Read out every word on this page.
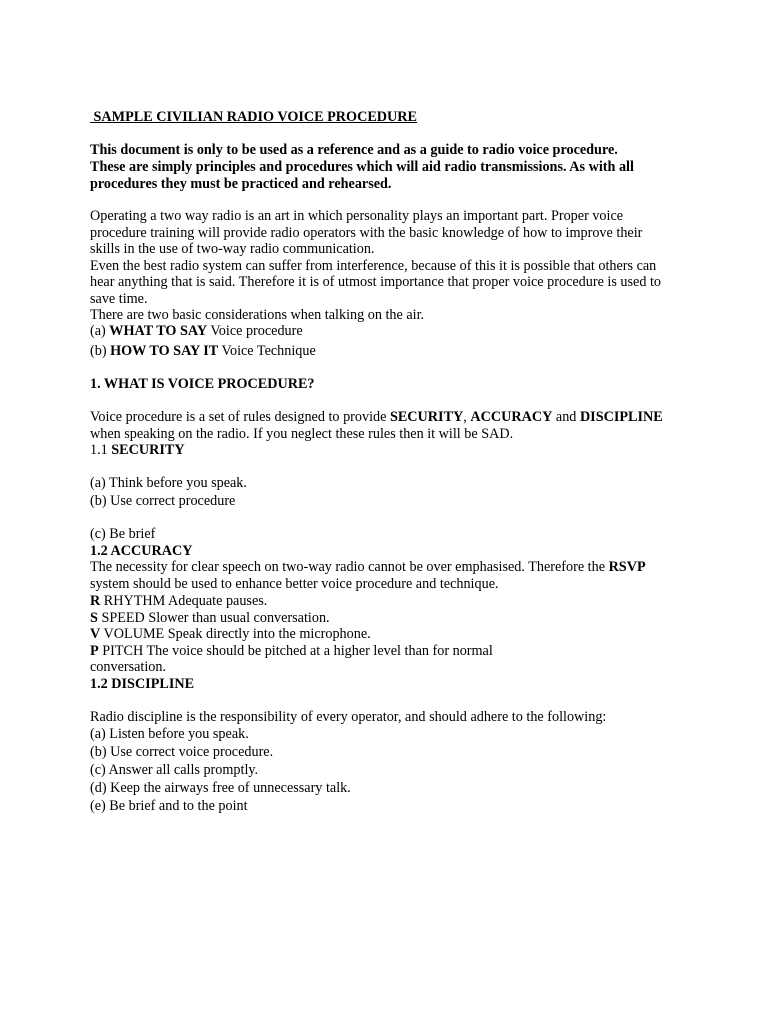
SAMPLE CIVILIAN RADIO VOICE PROCEDURE
This document is only to be used as a reference and as a guide to radio voice procedure.
These are simply principles and procedures which will aid radio transmissions. As with all
procedures they must be practiced and rehearsed.
Operating a two way radio is an art in which personality plays an important part. Proper voice
procedure training will provide radio operators with the basic knowledge of how to improve their
skills in the use of two-way radio communication.
Even the best radio system can suffer from interference, because of this it is possible that others can
hear anything that is said. Therefore it is of utmost importance that proper voice procedure is used to
save time.
There are two basic considerations when talking on the air.
(a) WHAT TO SAY Voice procedure
(b) HOW TO SAY IT Voice Technique
1. WHAT IS VOICE PROCEDURE?
Voice procedure is a set of rules designed to provide SECURITY, ACCURACY and DISCIPLINE
when speaking on the radio. If you neglect these rules then it will be SAD.
1.1 SECURITY
(a) Think before you speak.
(b) Use correct procedure
(c) Be brief
1.2 ACCURACY
The necessity for clear speech on two-way radio cannot be over emphasised. Therefore the RSVP
system should be used to enhance better voice procedure and technique.
R RHYTHM Adequate pauses.
S SPEED Slower than usual conversation.
V VOLUME Speak directly into the microphone.
P PITCH The voice should be pitched at a higher level than for normal
conversation.
1.2 DISCIPLINE
Radio discipline is the responsibility of every operator, and should adhere to the following:
(a) Listen before you speak.
(b) Use correct voice procedure.
(c) Answer all calls promptly.
(d) Keep the airways free of unnecessary talk.
(e) Be brief and to the point
